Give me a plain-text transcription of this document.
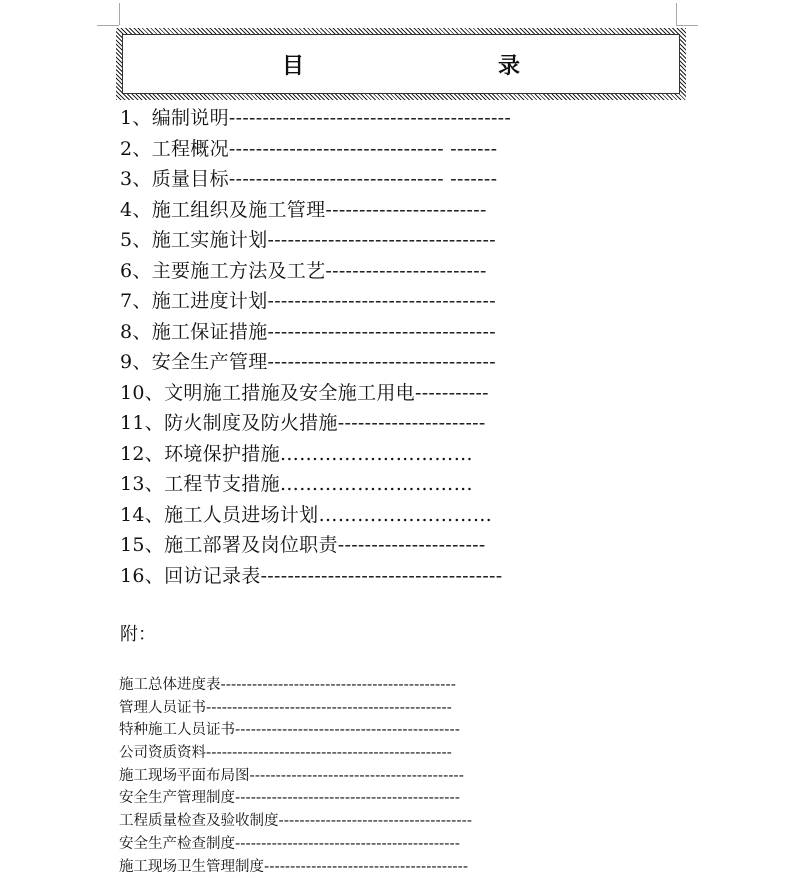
目　　录
1、编制说明------------------------------------------
2、工程概况-------------------------------- -------
3、质量目标-------------------------------- -------
4、施工组织及施工管理------------------------
5、施工实施计划----------------------------------
6、主要施工方法及工艺------------------------
7、施工进度计划----------------------------------
8、施工保证措施----------------------------------
9、安全生产管理----------------------------------
10、文明施工措施及安全施工用电-----------
11、防火制度及防火措施----------------------
12、环境保护措施…………………………
13、工程节支措施…………………………
14、施工人员进场计划………………………
15、施工部署及岗位职责----------------------
16、回访记录表------------------------------------
附：
施工总体进度表---------------------------------------------
管理人员证书-----------------------------------------------
特种施工人员证书-------------------------------------------
公司资质资料-----------------------------------------------
施工现场平面布局图-----------------------------------------
安全生产管理制度-------------------------------------------
工程质量检查及验收制度-------------------------------------
安全生产检查制度-------------------------------------------
施工现场卫生管理制度---------------------------------------
